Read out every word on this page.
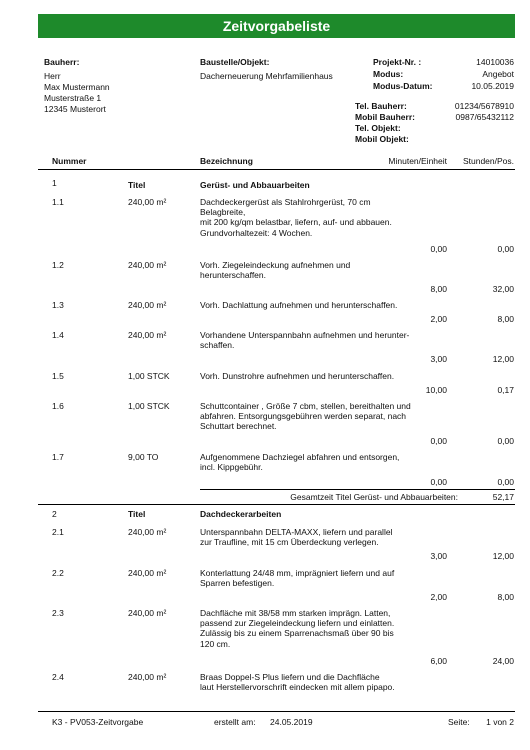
Zeitvorgabeliste
Bauherr:
Herr
Max Mustermann
Musterstraße 1
12345 Musterort
Baustelle/Objekt:
Dacherneuerung Mehrfamilienhaus
Projekt-Nr. :	14010036
Modus:	Angebot
Modus-Datum:	10.05.2019
Tel. Bauherr:	01234/5678910
Mobil Bauherr:	0987/65432112
Tel. Objekt:
Mobil Objekt:
Nummer	Bezeichnung	Minuten/Einheit Stunden/Pos.
1	Titel	Gerüst- und Abbauarbeiten
1.1	240,00 m²	Dachdeckergerüst als Stahlrohrgerüst, 70 cm
Belagbreite,
mit 200 kg/qm belastbar, liefern, auf- und abbauen.
Grundvorhaltezeit: 4 Wochen.
0,00	0,00
1.2	240,00 m²	Vorh. Ziegeleindeckung aufnehmen und
herunterschaffen.
8,00	32,00
1.3	240,00 m²	Vorh. Dachlattung aufnehmen und herunterschaffen.
2,00	8,00
1.4	240,00 m²	Vorhandene Unterspannbahn aufnehmen und herunter-
schaffen.
3,00	12,00
1.5	1,00 STCK	Vorh. Dunstrohre aufnehmen und herunterschaffen.
10,00	0,17
1.6	1,00 STCK	Schuttcontainer , Größe 7 cbm, stellen, bereithalten und
abfahren. Entsorgungsgebühren werden separat, nach
Schuttart berechnet.
0,00	0,00
1.7	9,00 TO	Aufgenommene Dachziegel abfahren und entsorgen,
incl. Kippgebühr.
0,00	0,00
Gesamtzeit Titel Gerüst- und Abbauarbeiten:	52,17
2	Titel	Dachdeckerarbeiten
2.1	240,00 m²	Unterspannbahn DELTA-MAXX, liefern und parallel
zur Traufline, mit 15 cm Überdeckung verlegen.
3,00	12,00
2.2	240,00 m²	Konterlattung 24/48 mm, imprägniert liefern und auf
Sparren befestigen.
2,00	8,00
2.3	240,00 m²	Dachfläche mit 38/58 mm starken imprägn. Latten,
passend zur Ziegeleindeckung liefern und einlatten.
Zulässig bis zu einem Sparrenachsmaß über 90 bis
120 cm.
6,00	24,00
2.4	240,00 m²	Braas Doppel-S Plus liefern und die Dachfläche
laut Herstellervorschrift eindecken mit allem pipapo.
K3 - PV053-Zeitvorgabe	erstellt am: 24.05.2019	Seite: 1 von 2
